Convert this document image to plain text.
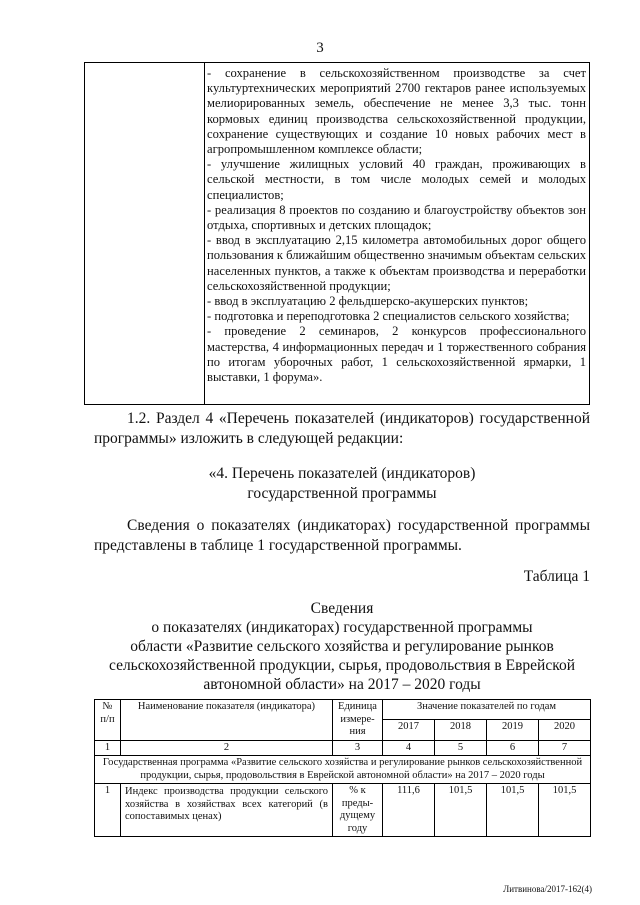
3

- сохранение в сельскохозяйственном производстве за счет культуртехнических мероприятий 2700 гектаров ранее используемых мелиорированных земель, обеспечение не менее 3,3 тыс. тонн кормовых единиц производства сельскохозяйственной продукции, сохранение существующих и создание 10 новых рабочих мест в агропромышленном комплексе области;

- улучшение жилищных условий 40 граждан, проживающих в сельской местности, в том числе молодых семей и молодых специалистов;

- реализация 8 проектов по созданию и благоустройству объектов зон отдыха, спортивных и детских площадок;

- ввод в эксплуатацию 2,15 километра автомобильных дорог общего пользования к ближайшим общественно значимым объектам сельских населенных пунктов, а также к объектам производства и переработки сельскохозяйственной продукции;

- ввод в эксплуатацию 2 фельдшерско-акушерских пунктов;

- подготовка и переподготовка 2 специалистов сельского хозяйства;

- проведение 2 семинаров, 2 конкурсов профессионального мастерства, 4 информационных передач и 1 торжественного собрания по итогам уборочных работ, 1 сельскохозяйственной ярмарки, 1 выставки, 1 форума».

1.2. Раздел 4 «Перечень показателей (индикаторов) государственной программы» изложить в следующей редакции:
«4. Перечень показателей (индикаторов)
государственной программы
Сведения о показателях (индикаторах) государственной программы представлены в таблице 1 государственной программы.
Таблица 1
Сведения
о показателях (индикаторах) государственной программы
области «Развитие сельского хозяйства и регулирование рынков
сельскохозяйственной продукции, сырья, продовольствия в Еврейской
автономной области» на 2017 – 2020 годы
№ п/п	Наименование показателя (индикатора)	Единица измере-ния	Значение показателей по годам			
			2017	2018	2019	2020
1	2	3	4	5	6	7
Государственная программа «Развитие сельского хозяйства и регулирование рынков сельскохозяйственной продукции, сырья, продовольствия в Еврейской автономной области» на 2017 – 2020 годы						
1	Индекс производства продукции сельского хозяйства в хозяйствах всех категорий (в сопоставимых ценах)	% к преды-дущему году	111,6	101,5	101,5	101,5
Литвинова/2017-162(4)
